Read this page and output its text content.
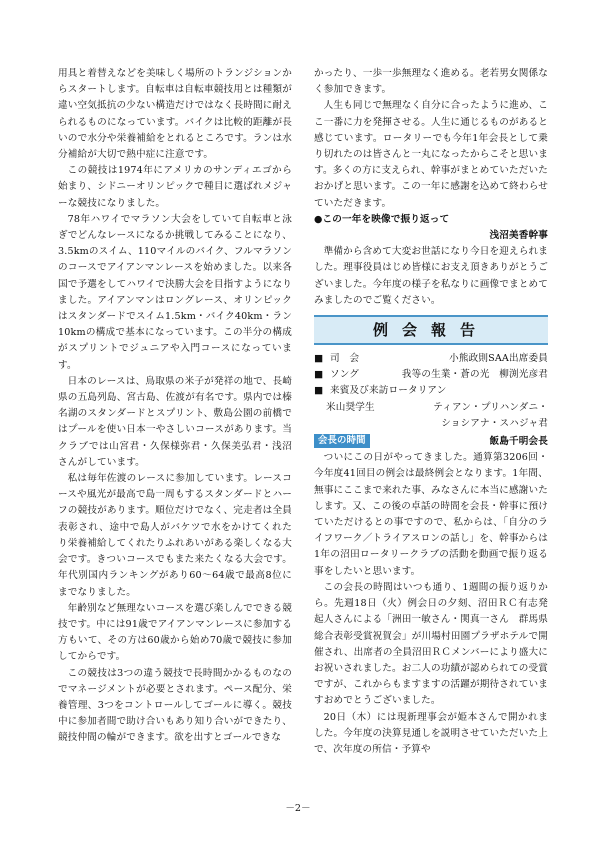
用具と着替えなどを美味しく場所のトランジションからスタートします。自転車は自転車競技用とは種類が違い空気抵抗の少ない構造だけではなく長時間に耐えられるものになっています。バイクは比較的距離が長いので水分や栄養補給をとれるところです。ランは水分補給が大切で熱中症に注意です。

この競技は1974年にアメリカのサンディエゴから始まり、シドニーオリンピックで種目に選ばれメジャーな競技になりました。

78年ハワイでマラソン大会をしていて自転車と泳ぎでどんなレースになるか挑戦してみることになり、3.5kmのスイム、110マイルのバイク、フルマラソンのコースでアイアンマンレースを始めました。以来各国で予選をしてハワイで決勝大会を目指すようになりました。アイアンマンはロングレース、オリンピックはスタンダードでスイム1.5km・バイク40km・ラン10kmの構成で基本になっています。この半分の構成がスプリントでジュニアや入門コースになっています。

日本のレースは、鳥取県の米子が発祥の地で、長崎県の五島列島、宮古島、佐渡が有名です。県内では榛名湖のスタンダードとスプリント、敷島公園の前橋ではプールを使い日本一やさしいコースがあります。当クラブでは山宮君・久保様弥君・久保美弘君・浅沼さんがしています。

私は毎年佐渡のレースに参加しています。レースコースや風光が最高で島一周もするスタンダードとハーフの競技があります。順位だけでなく、完走者は全員表彰され、途中で島人がバケツで水をかけてくれたり栄養補給してくれたりふれあいがある楽しくなる大会です。きついコースでもまた来たくなる大会です。年代別国内ランキングがあり60～64歳で最高8位にまでなりました。

年齢別など無理ないコースを選び楽しんでできる競技です。中には91歳でアイアンマンレースに参加する方もいて、その方は60歳から始め70歳で競技に参加してからです。

この競技は3つの違う競技で長時間かかるものなのでマネージメントが必要とされます。ペース配分、栄養管理、3つをコントロールしてゴールに導く。競技中に参加者間で助け合いもあり知り合いができたり、競技仲間の輪ができます。欲を出すとゴールできな

かったり、一歩一歩無理なく進める。老若男女関係なく参加できます。

人生も同じで無理なく自分に合ったように進め、ここ一番に力を発揮させる。人生に通じるものがあると感じています。ロータリーでも今年1年会長として乗り切れたのは皆さんと一丸になったからこそと思います。多くの方に支えられ、幹事がまとめていただいたおかげと思います。この一年に感謝を込めて終わらせていただきます。

●この一年を映像で振り返って
浅沼美香幹事

準備から含めて大変お世話になり今日を迎えられました。理事役員はじめ皆様にお支え頂きありがとうございました。今年度の様子を私なりに画像でまとめてみましたのでご覧ください。

例会報告
■ 司　会	小熊政則SAA出席委員
■ ソング	我等の生業・蒼の光　柳渕光彦君
■ 来賓及び来訪ロータリアン
米山奨学生	ティアン・プリハンダニ・
ショシアナ・スハジャ君
会長の時間	飯島千明会長

ついにこの日がやってきました。通算第3206回・今年度41回目の例会は最終例会となります。1年間、無事にここまで来れた事、みなさんに本当に感謝いたします。又、この後の卓話の時間を会長・幹事に預けていただけるとの事ですので、私からは、「自分のライフワーク／トライアスロンの話し」を、幹事からは1年の沼田ロータリークラブの活動を動画で振り返る事をしたいと思います。

この会長の時間はいつも通り、1週間の振り返りから。先週18日（火）例会日の夕刻、沼田ＲＣ有志発起人さんによる「洲田一敏さん・関真一さん　群馬県総合表彰受賞祝賀会」が川場村田園プラザホテルで開催され、出席者の全員沼田ＲＣメンバーにより盛大にお祝いされました。お二人の功績が認められての受賞ですが、これからもますますの活躍が期待されていますおめでとうございました。

20日（木）には現新理事会が姫本さんで開かれました。今年度の決算見通しを説明させていただいた上で、次年度の所信・予算や

－2－
